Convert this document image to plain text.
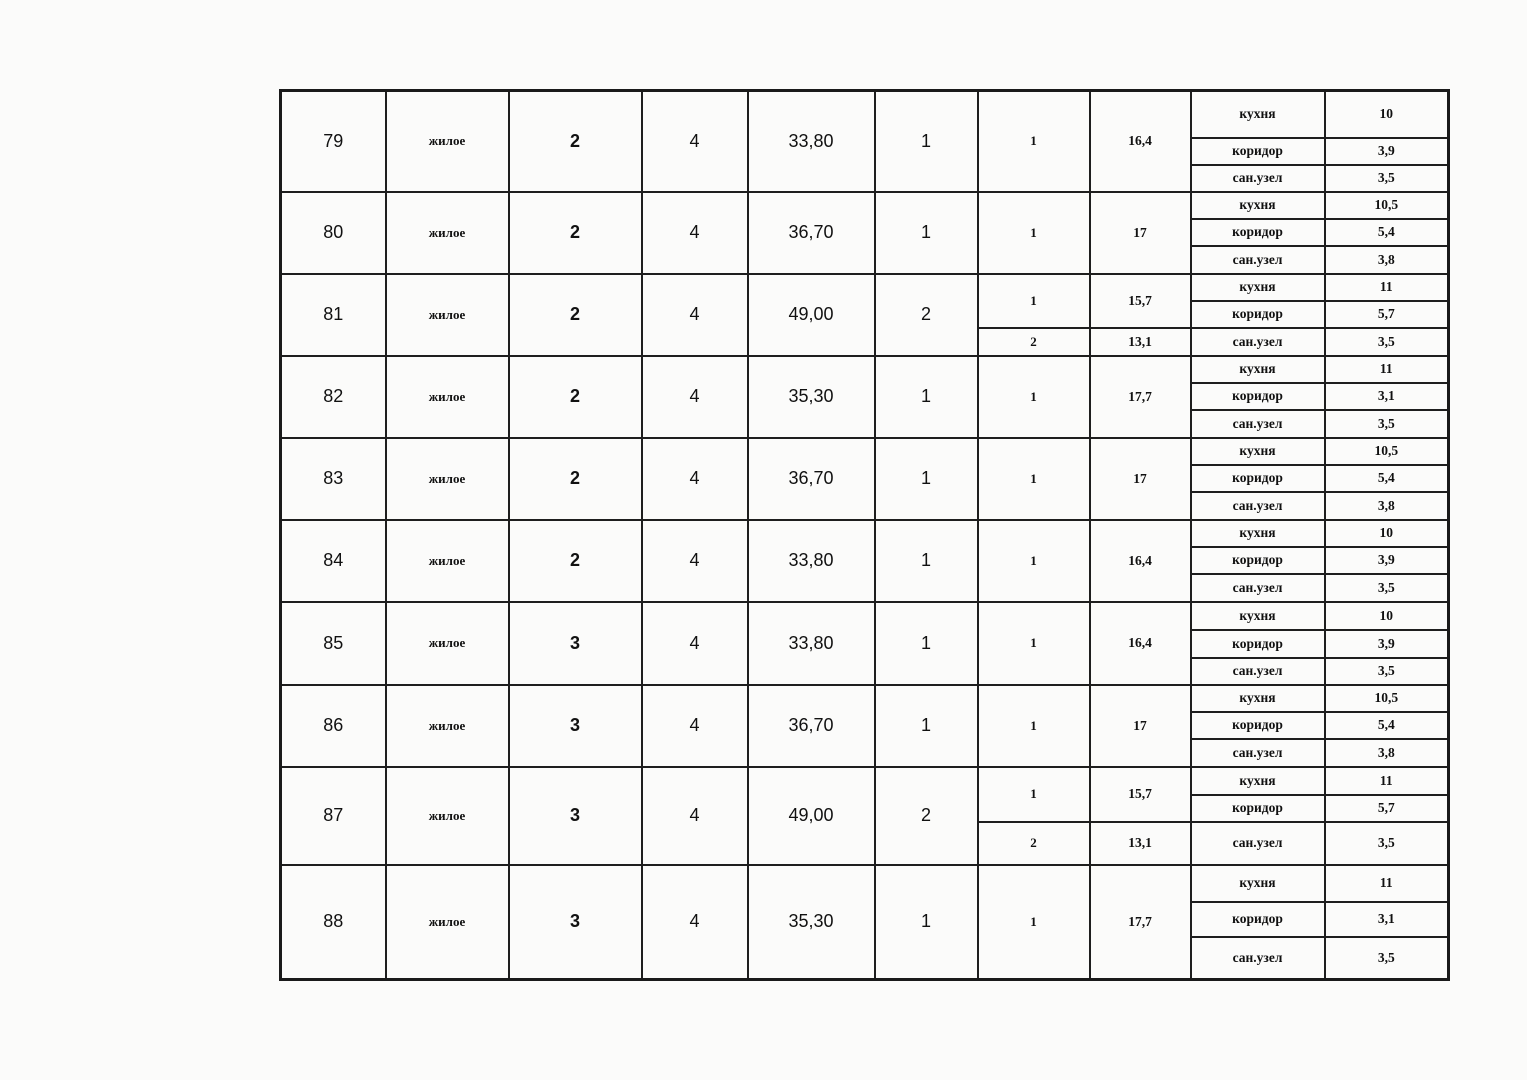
79	жилое	2	4	33,80	1	1	16,4	кухня	10
								коридор	3,9
								сан.узел	3,5
80	жилое	2	4	36,70	1	1	17	кухня	10,5
								коридор	5,4
								сан.узел	3,8
81	жилое	2	4	49,00	2	1	15,7	кухня	11
								коридор	5,7
						2	13,1	сан.узел	3,5
82	жилое	2	4	35,30	1	1	17,7	кухня	11
								коридор	3,1
								сан.узел	3,5
83	жилое	2	4	36,70	1	1	17	кухня	10,5
								коридор	5,4
								сан.узел	3,8
84	жилое	2	4	33,80	1	1	16,4	кухня	10
								коридор	3,9
								сан.узел	3,5
85	жилое	3	4	33,80	1	1	16,4	кухня	10
								коридор	3,9
								сан.узел	3,5
86	жилое	3	4	36,70	1	1	17	кухня	10,5
								коридор	5,4
								сан.узел	3,8
87	жилое	3	4	49,00	2	1	15,7	кухня	11
								коридор	5,7
						2	13,1	сан.узел	3,5
88	жилое	3	4	35,30	1	1	17,7	кухня	11
								коридор	3,1
								сан.узел	3,5
